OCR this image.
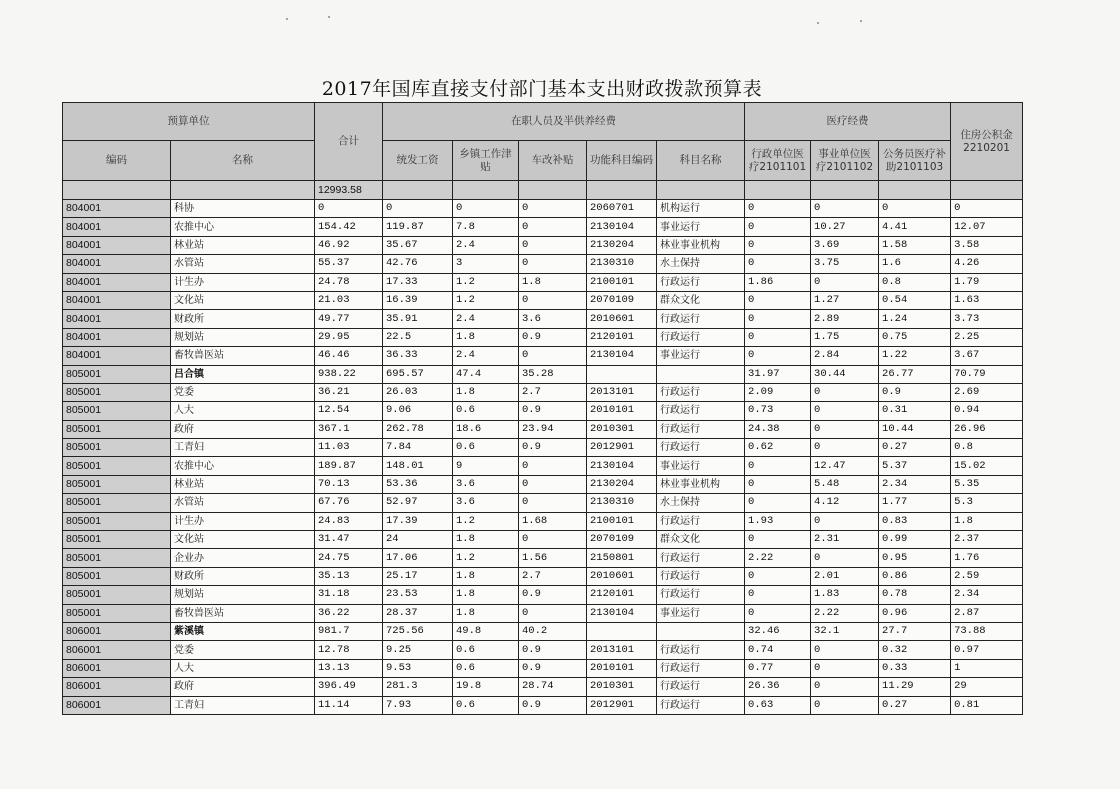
2017年国库直接支付部门基本支出财政拨款预算表
预算单位		合计	在职人员及半供养经费					医疗经费			住房公积金2210201
编码	名称		统发工资	乡镇工作津贴	车改补贴	功能科目编码	科目名称	行政单位医疗2101101	事业单位医疗2101102	公务员医疗补助2101103	
		12993.58									
804001	科协	0	0	0	0	2060701	机构运行	0	0	0	0
804001	农推中心	154.42	119.87	7.8	0	2130104	事业运行	0	10.27	4.41	12.07
804001	林业站	46.92	35.67	2.4	0	2130204	林业事业机构	0	3.69	1.58	3.58
804001	水管站	55.37	42.76	3	0	2130310	水土保持	0	3.75	1.6	4.26
804001	计生办	24.78	17.33	1.2	1.8	2100101	行政运行	1.86	0	0.8	1.79
804001	文化站	21.03	16.39	1.2	0	2070109	群众文化	0	1.27	0.54	1.63
804001	财政所	49.77	35.91	2.4	3.6	2010601	行政运行	0	2.89	1.24	3.73
804001	规划站	29.95	22.5	1.8	0.9	2120101	行政运行	0	1.75	0.75	2.25
804001	畜牧兽医站	46.46	36.33	2.4	0	2130104	事业运行	0	2.84	1.22	3.67
805001	吕合镇	938.22	695.57	47.4	35.28			31.97	30.44	26.77	70.79
805001	党委	36.21	26.03	1.8	2.7	2013101	行政运行	2.09	0	0.9	2.69
805001	人大	12.54	9.06	0.6	0.9	2010101	行政运行	0.73	0	0.31	0.94
805001	政府	367.1	262.78	18.6	23.94	2010301	行政运行	24.38	0	10.44	26.96
805001	工青妇	11.03	7.84	0.6	0.9	2012901	行政运行	0.62	0	0.27	0.8
805001	农推中心	189.87	148.01	9	0	2130104	事业运行	0	12.47	5.37	15.02
805001	林业站	70.13	53.36	3.6	0	2130204	林业事业机构	0	5.48	2.34	5.35
805001	水管站	67.76	52.97	3.6	0	2130310	水土保持	0	4.12	1.77	5.3
805001	计生办	24.83	17.39	1.2	1.68	2100101	行政运行	1.93	0	0.83	1.8
805001	文化站	31.47	24	1.8	0	2070109	群众文化	0	2.31	0.99	2.37
805001	企业办	24.75	17.06	1.2	1.56	2150801	行政运行	2.22	0	0.95	1.76
805001	财政所	35.13	25.17	1.8	2.7	2010601	行政运行	0	2.01	0.86	2.59
805001	规划站	31.18	23.53	1.8	0.9	2120101	行政运行	0	1.83	0.78	2.34
805001	畜牧兽医站	36.22	28.37	1.8	0	2130104	事业运行	0	2.22	0.96	2.87
806001	紫溪镇	981.7	725.56	49.8	40.2			32.46	32.1	27.7	73.88
806001	党委	12.78	9.25	0.6	0.9	2013101	行政运行	0.74	0	0.32	0.97
806001	人大	13.13	9.53	0.6	0.9	2010101	行政运行	0.77	0	0.33	1
806001	政府	396.49	281.3	19.8	28.74	2010301	行政运行	26.36	0	11.29	29
806001	工青妇	11.14	7.93	0.6	0.9	2012901	行政运行	0.63	0	0.27	0.81
